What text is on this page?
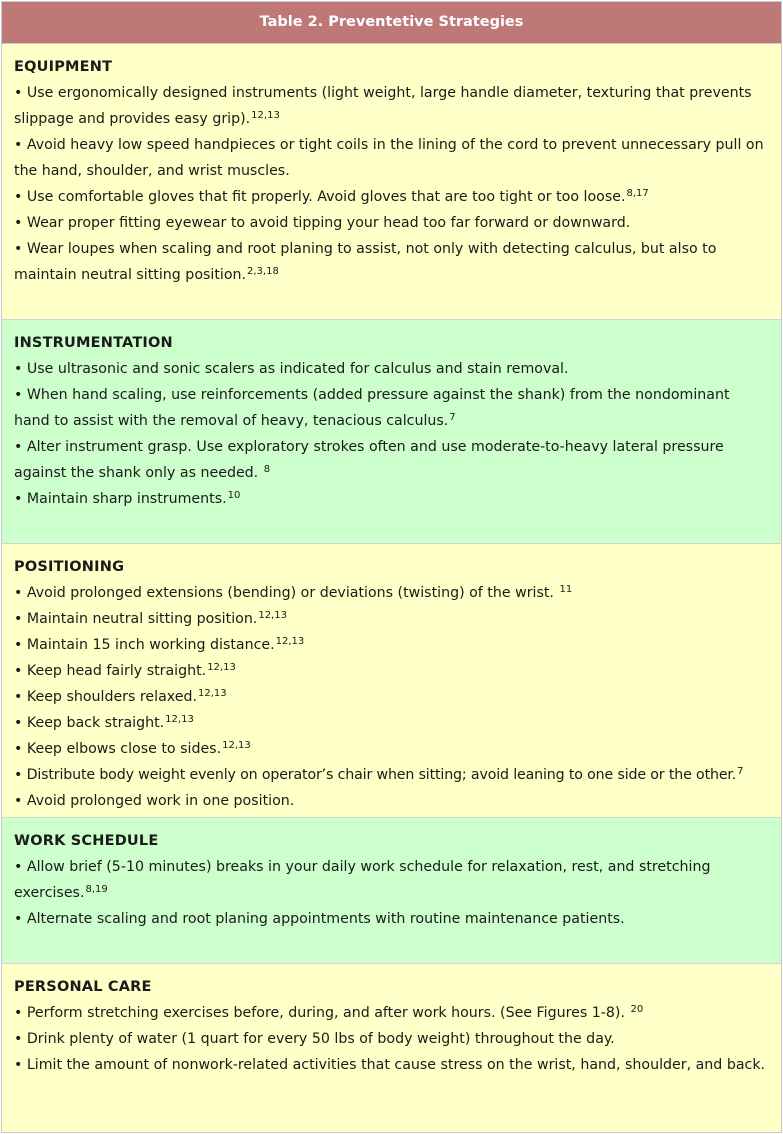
Table 2. Preventetive Strategies
EQUIPMENT
• Use ergonomically designed instruments (light weight, large handle diameter, texturing that prevents slippage and provides easy grip).$^{12,13}$
• Avoid heavy low speed handpieces or tight coils in the lining of the cord to prevent unnecessary pull on the hand, shoulder, and wrist muscles.
• Use comfortable gloves that fit properly. Avoid gloves that are too tight or too loose.$^{8,17}$
• Wear proper fitting eyewear to avoid tipping your head too far forward or downward.
• Wear loupes when scaling and root planing to assist, not only with detecting calculus, but also to maintain neutral sitting position.$^{2,3,18}$
INSTRUMENTATION
• Use ultrasonic and sonic scalers as indicated for calculus and stain removal.
• When hand scaling, use reinforcements (added pressure against the shank) from the nondominant hand to assist with the removal of heavy, tenacious calculus.$^7$
• Alter instrument grasp. Use exploratory strokes often and use moderate-to-heavy lateral pressure against the shank only as needed. $^8$
• Maintain sharp instruments.$^{10}$
POSITIONING
• Avoid prolonged extensions (bending) or deviations (twisting) of the wrist. $^{11}$
• Maintain neutral sitting position.$^{12,13}$
• Maintain 15 inch working distance.$^{12,13}$
• Keep head fairly straight.$^{12,13}$
• Keep shoulders relaxed.$^{12,13}$
• Keep back straight.$^{12,13}$
• Keep elbows close to sides.$^{12,13}$
• Distribute body weight evenly on operator’s chair when sitting; avoid leaning to one side or the other.$^7$
• Avoid prolonged work in one position.
WORK SCHEDULE
• Allow brief (5-10 minutes) breaks in your daily work schedule for relaxation, rest, and stretching exercises.$^{8,19}$
• Alternate scaling and root planing appointments with routine maintenance patients.
PERSONAL CARE
• Perform stretching exercises before, during, and after work hours. (See Figures 1-8). $^{20}$
• Drink plenty of water (1 quart for every 50 lbs of body weight) throughout the day.
• Limit the amount of nonwork-related activities that cause stress on the wrist, hand, shoulder, and back.
